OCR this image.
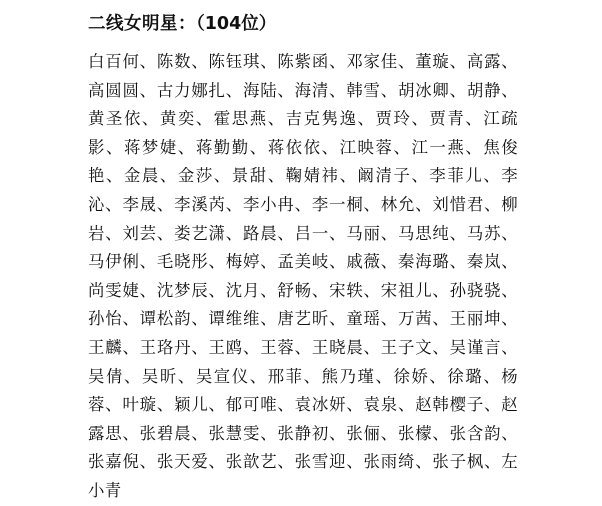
二线女明星：（104位）
白百何、陈数、陈钰琪、陈紫函、邓家佳、董璇、高露、高圆圆、古力娜扎、海陆、海清、韩雪、胡冰卿、胡静、黄圣依、黄奕、霍思燕、吉克隽逸、贾玲、贾青、江疏影、蒋梦婕、蒋勤勤、蒋依依、江映蓉、江一燕、焦俊艳、金晨、金莎、景甜、鞠婧祎、阚清子、李菲儿、李沁、李晟、李溪芮、李小冉、李一桐、林允、刘惜君、柳岩、刘芸、娄艺潇、路晨、吕一、马丽、马思纯、马苏、马伊俐、毛晓彤、梅婷、孟美岐、戚薇、秦海璐、秦岚、尚雯婕、沈梦辰、沈月、舒畅、宋轶、宋祖儿、孙骁骁、孙怡、谭松韵、谭维维、唐艺昕、童瑶、万茜、王丽坤、王麟、王珞丹、王鸥、王蓉、王晓晨、王子文、吴谨言、吴倩、吴昕、吴宣仪、邢菲、熊乃瑾、徐娇、徐璐、杨蓉、叶璇、颖儿、郁可唯、袁冰妍、袁泉、赵韩樱子、赵露思、张碧晨、张慧雯、张静初、张俪、张檬、张含韵、张嘉倪、张天爱、张歆艺、张雪迎、张雨绮、张子枫、左小青
